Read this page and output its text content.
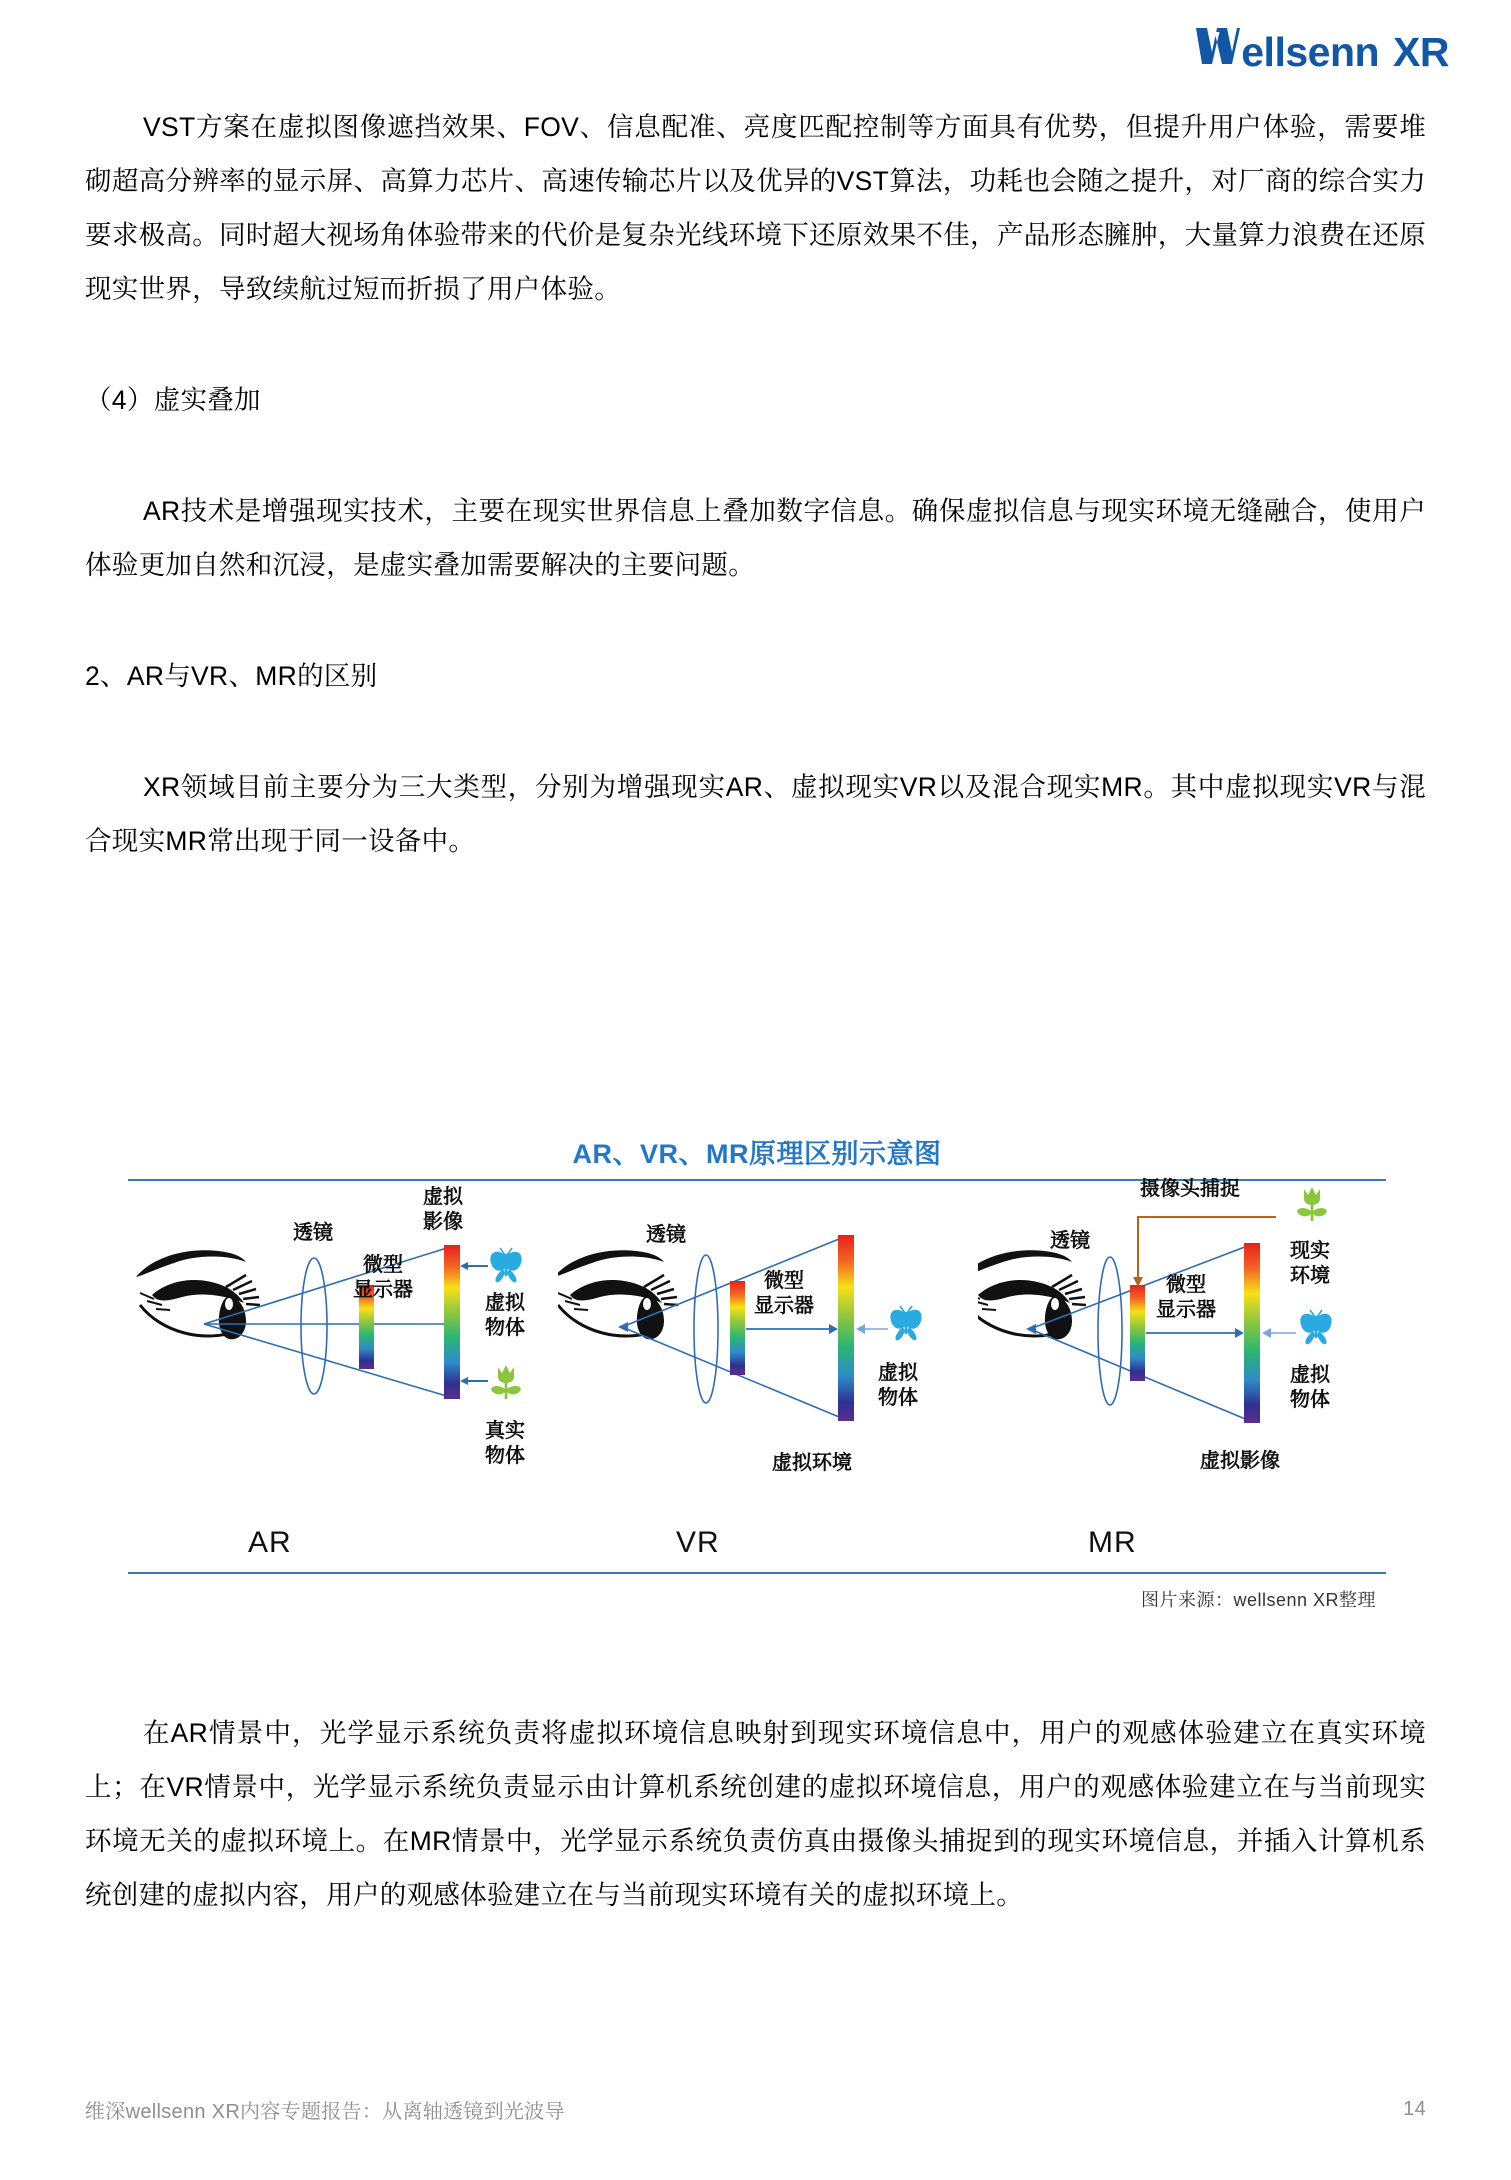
ellsenn XR

VST方案在虚拟图像遮挡效果、FOV、信息配准、亮度匹配控制等方面具有优势，但提升用户体验，需要堆砌超高分辨率的显示屏、高算力芯片、高速传输芯片以及优异的VST算法，功耗也会随之提升，对厂商的综合实力要求极高。同时超大视场角体验带来的代价是复杂光线环境下还原效果不佳，产品形态臃肿，大量算力浪费在还原现实世界，导致续航过短而折损了用户体验。

（4）虚实叠加

AR技术是增强现实技术，主要在现实世界信息上叠加数字信息。确保虚拟信息与现实环境无缝融合，使用户体验更加自然和沉浸，是虚实叠加需要解决的主要问题。

2、AR与VR、MR的区别

XR领域目前主要分为三大类型，分别为增强现实AR、虚拟现实VR以及混合现实MR。其中虚拟现实VR与混合现实MR常出现于同一设备中。

AR、VR、MR原理区别示意图
透镜
微型
显示器
虚拟
影像
虚拟
物体
真实
物体
透镜
微型
显示器
虚拟
物体
虚拟环境
摄像头捕捉
透镜
微型
显示器
现实
环境
虚拟
物体
虚拟影像
AR	VR	MR
图片来源：wellsenn XR整理

在AR情景中，光学显示系统负责将虚拟环境信息映射到现实环境信息中，用户的观感体验建立在真实环境上；在VR情景中，光学显示系统负责显示由计算机系统创建的虚拟环境信息，用户的观感体验建立在与当前现实环境无关的虚拟环境上。在MR情景中，光学显示系统负责仿真由摄像头捕捉到的现实环境信息，并插入计算机系统创建的虚拟内容，用户的观感体验建立在与当前现实环境有关的虚拟环境上。

维深wellsenn XR内容专题报告：从离轴透镜到光波导	14
